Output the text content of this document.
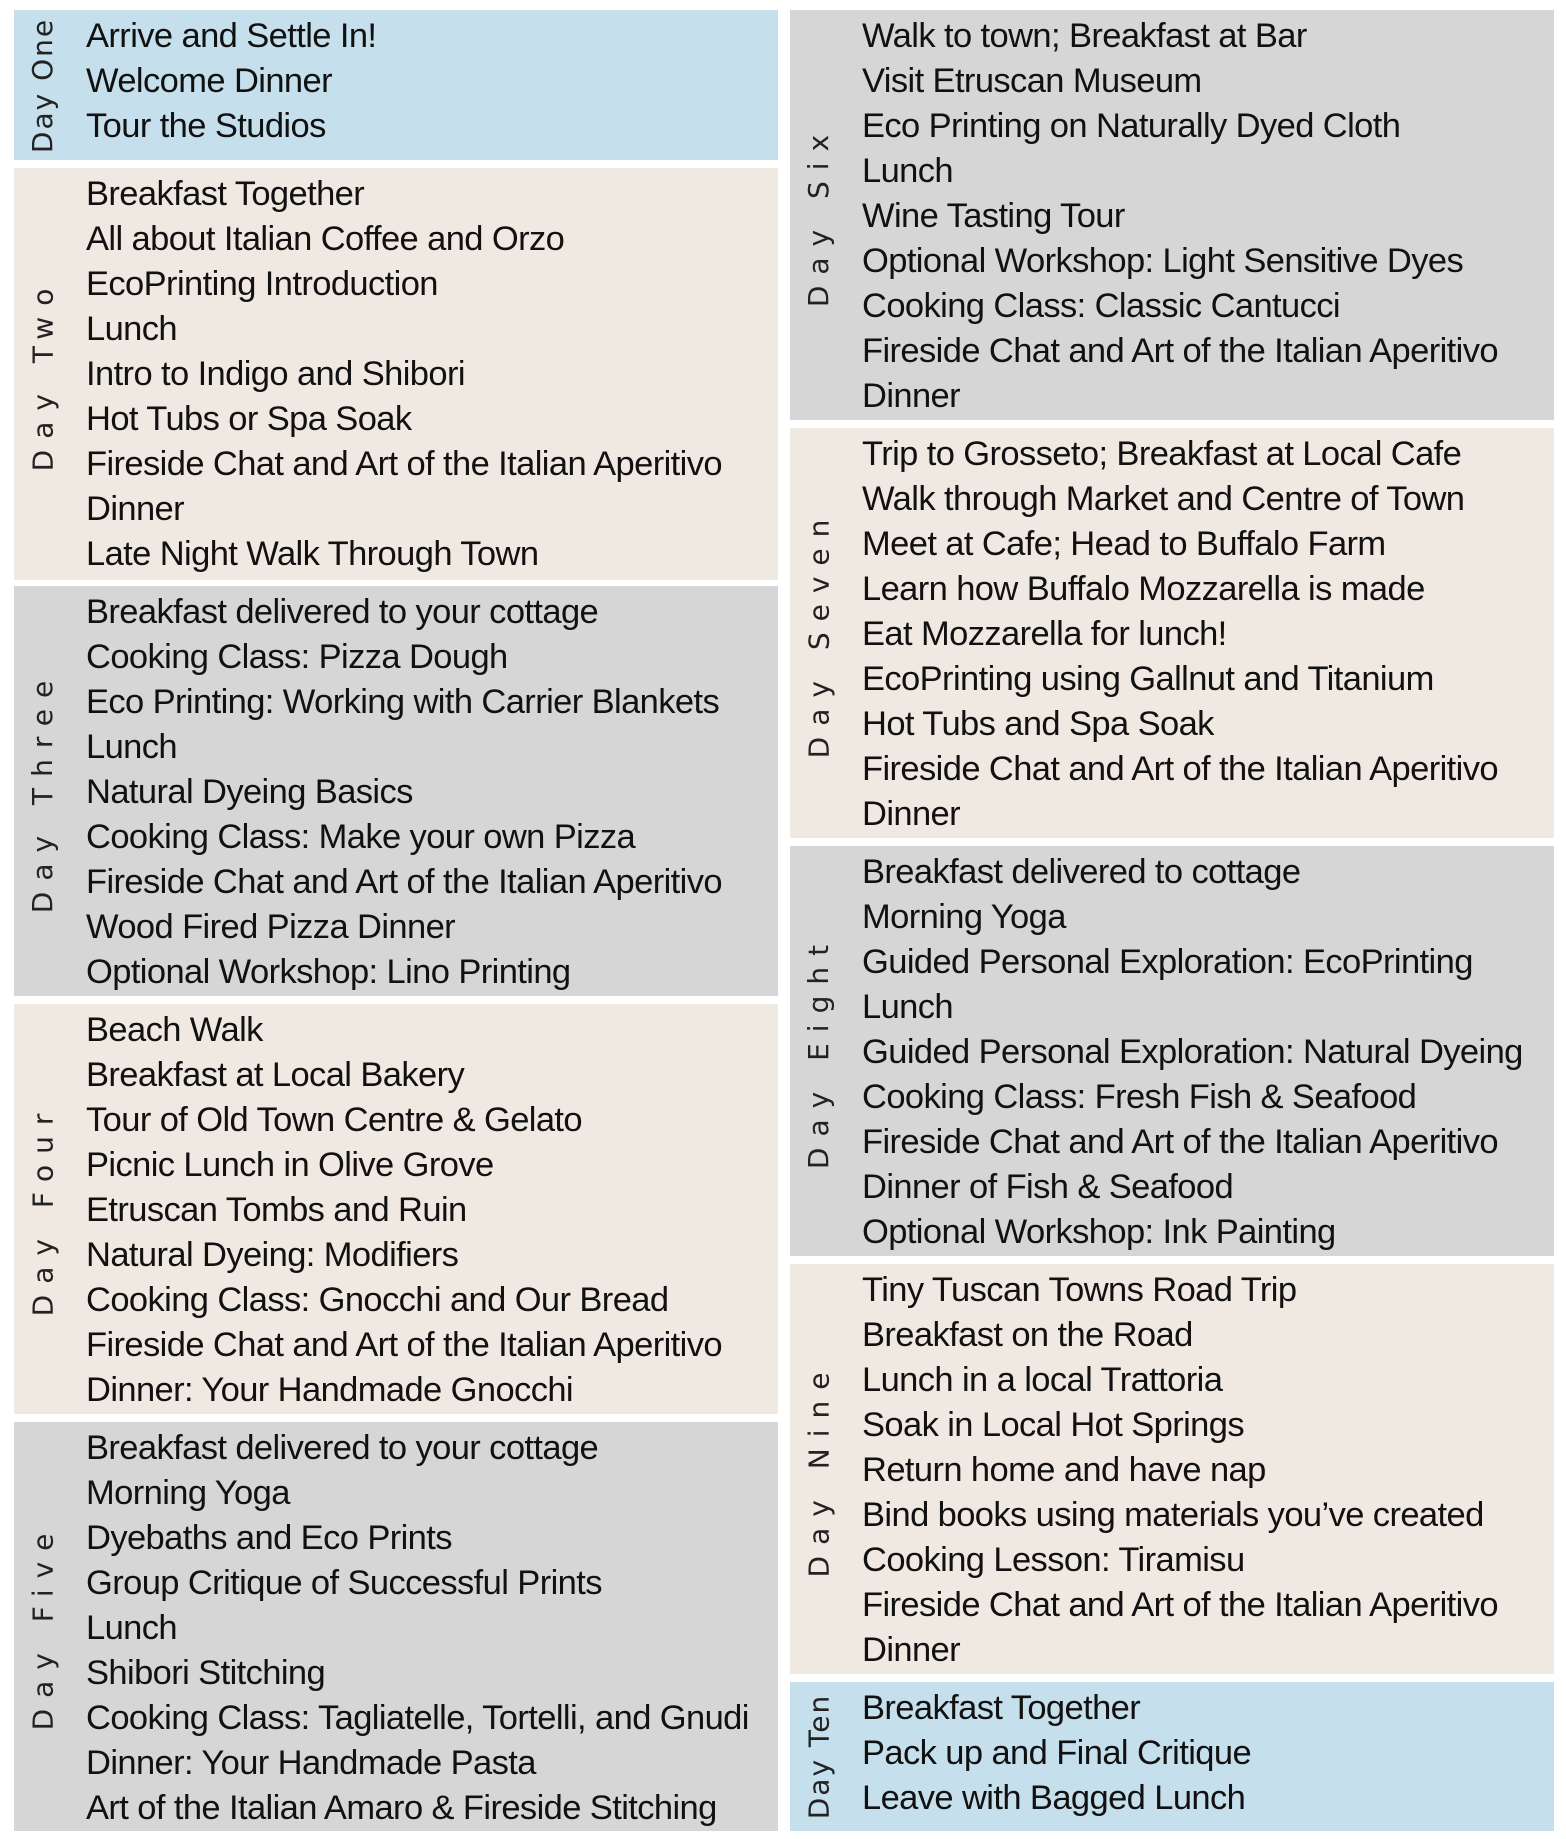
Day One Arrive and Settle In!
Welcome Dinner
Tour the Studios
Day Two
Breakfast Together
All about Italian Coffee and Orzo
EcoPrinting Introduction
Lunch
Intro to Indigo and Shibori
Hot Tubs or Spa Soak
Fireside Chat and Art of the Italian Aperitivo
Dinner
Late Night Walk Through Town
Day Three
Breakfast delivered to your cottage
Cooking Class: Pizza Dough
Eco Printing: Working with Carrier Blankets
Lunch
Natural Dyeing Basics
Cooking Class: Make your own Pizza
Fireside Chat and Art of the Italian Aperitivo
Wood Fired Pizza Dinner
Optional Workshop: Lino Printing
Day Four
Beach Walk
Breakfast at Local Bakery
Tour of Old Town Centre & Gelato
Picnic Lunch in Olive Grove
Etruscan Tombs and Ruin
Natural Dyeing: Modifiers
Cooking Class: Gnocchi and Our Bread
Fireside Chat and Art of the Italian Aperitivo
Dinner: Your Handmade Gnocchi
Day Five
Breakfast delivered to your cottage
Morning Yoga
Dyebaths and Eco Prints
Group Critique of Successful Prints
Lunch
Shibori Stitching
Cooking Class: Tagliatelle, Tortelli, and Gnudi
Dinner: Your Handmade Pasta
Art of the Italian Amaro & Fireside Stitching
Day Six
Walk to town; Breakfast at Bar
Visit Etruscan Museum
Eco Printing on Naturally Dyed Cloth
Lunch
Wine Tasting Tour
Optional Workshop: Light Sensitive Dyes
Cooking Class: Classic Cantucci
Fireside Chat and Art of the Italian Aperitivo
Dinner
Day Seven
Trip to Grosseto; Breakfast at Local Cafe
Walk through Market and Centre of Town
Meet at Cafe; Head to Buffalo Farm
Learn how Buffalo Mozzarella is made
Eat Mozzarella for lunch!
EcoPrinting using Gallnut and Titanium
Hot Tubs and Spa Soak
Fireside Chat and Art of the Italian Aperitivo
Dinner
Day Eight
Breakfast delivered to cottage
Morning Yoga
Guided Personal Exploration: EcoPrinting
Lunch
Guided Personal Exploration: Natural Dyeing
Cooking Class: Fresh Fish & Seafood
Fireside Chat and Art of the Italian Aperitivo
Dinner of Fish & Seafood
Optional Workshop: Ink Painting
Day Nine
Tiny Tuscan Towns Road Trip
Breakfast on the Road
Lunch in a local Trattoria
Soak in Local Hot Springs
Return home and have nap
Bind books using materials you’ve created
Cooking Lesson: Tiramisu
Fireside Chat and Art of the Italian Aperitivo
Dinner
Day Ten Breakfast Together
Pack up and Final Critique
Leave with Bagged Lunch
